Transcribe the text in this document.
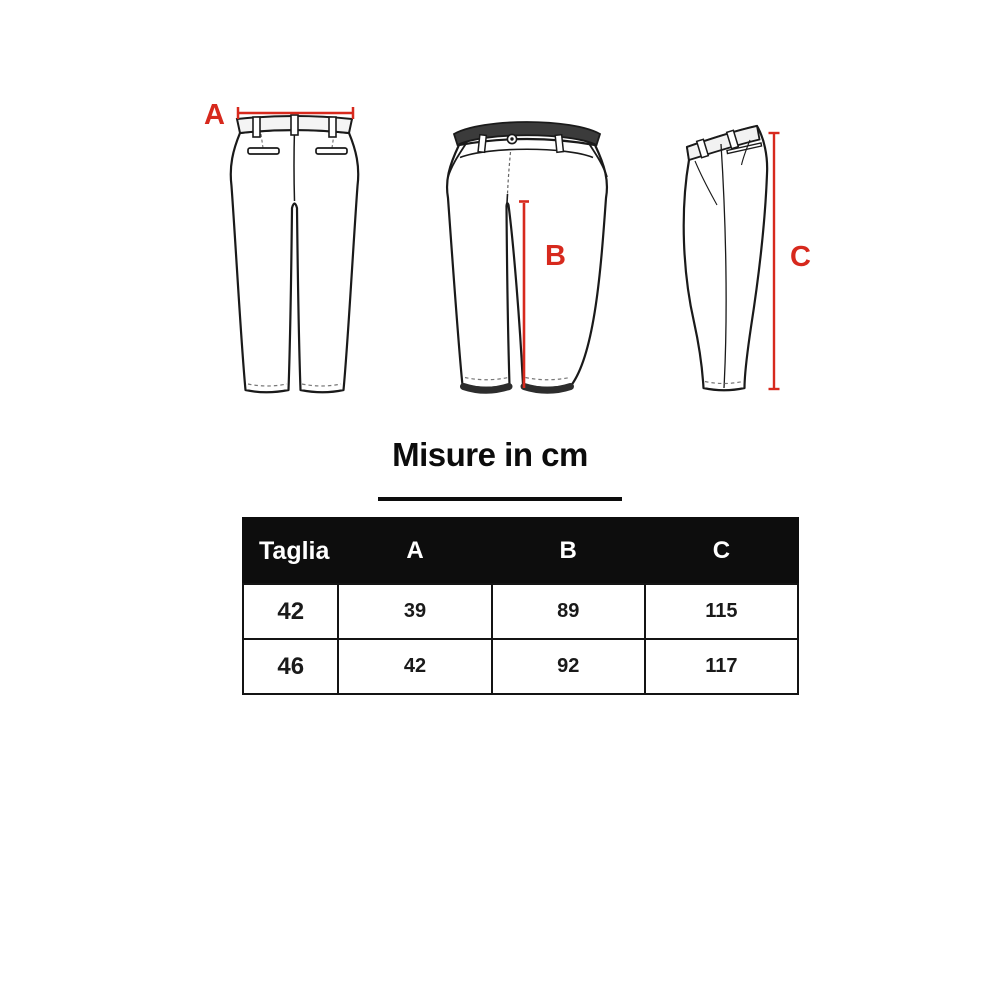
A
B	C
Misure in cm
Taglia	A	B	C
42	39	89	115
46	42	92	117
